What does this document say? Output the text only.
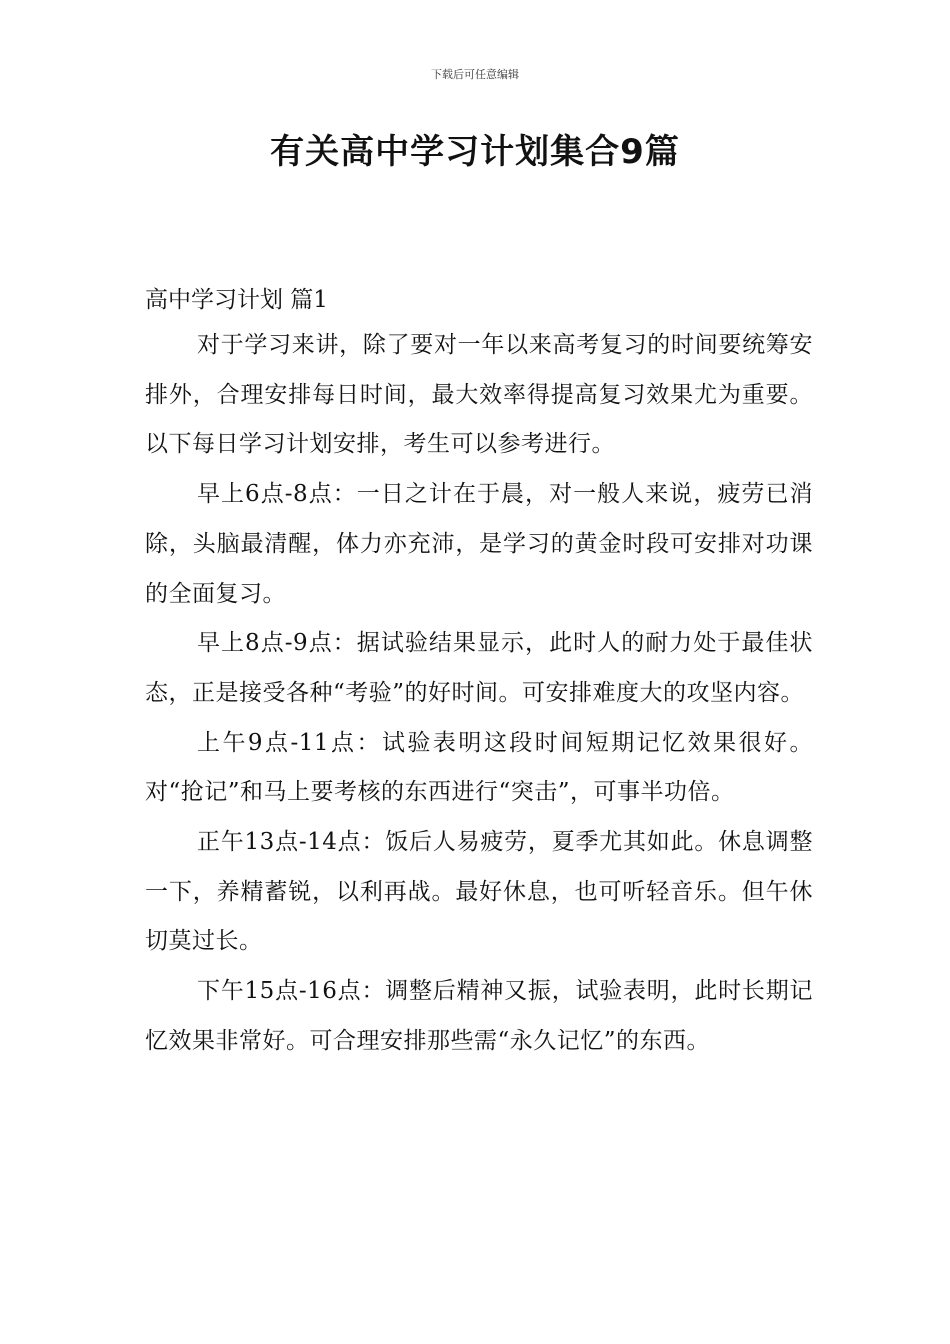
下载后可任意编辑
有关高中学习计划集合9篇
高中学习计划 篇1

对于学习来讲，除了要对一年以来高考复习的时间要统筹安排外，合理安排每日时间，最大效率得提高复习效果尤为重要。以下每日学习计划安排，考生可以参考进行。

早上6点-8点：一日之计在于晨，对一般人来说，疲劳已消除，头脑最清醒，体力亦充沛，是学习的黄金时段可安排对功课的全面复习。

早上8点-9点：据试验结果显示，此时人的耐力处于最佳状态，正是接受各种“考验”的好时间。可安排难度大的攻坚内容。

上午9点-11点：试验表明这段时间短期记忆效果很好。对“抢记”和马上要考核的东西进行“突击”，可事半功倍。

正午13点-14点：饭后人易疲劳，夏季尤其如此。休息调整一下，养精蓄锐，以利再战。最好休息，也可听轻音乐。但午休切莫过长。

下午15点-16点：调整后精神又振，试验表明，此时长期记忆效果非常好。可合理安排那些需“永久记忆”的东西。
